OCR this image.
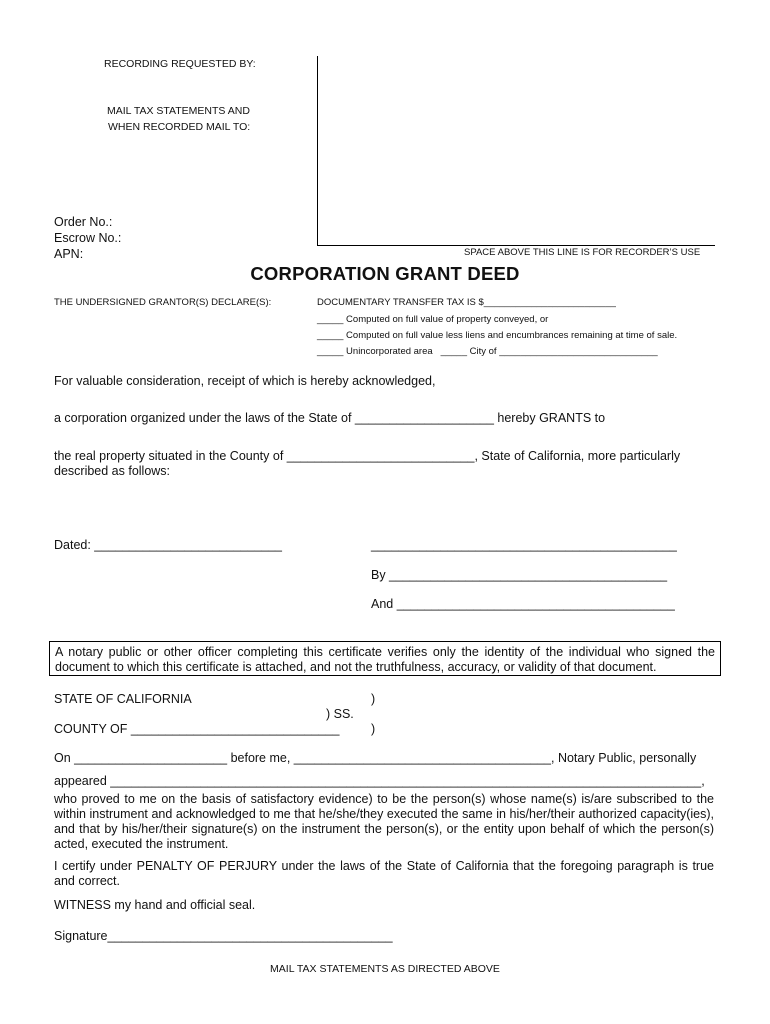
RECORDING REQUESTED BY:
MAIL TAX STATEMENTS AND
WHEN RECORDED MAIL TO:
Order No.:
Escrow No.:
APN:	SPACE ABOVE THIS LINE IS FOR RECORDER’S USE
CORPORATION GRANT DEED
THE UNDERSIGNED GRANTOR(S) DECLARE(S):	DOCUMENTARY TRANSFER TAX IS $_________________________
_____ Computed on full value of property conveyed, or
_____ Computed on full value less liens and encumbrances remaining at time of sale.
_____ Unincorporated area   _____ City of ______________________________
For valuable consideration, receipt of which is hereby acknowledged,
a corporation organized under the laws of the State of ____________________ hereby GRANTS to
the real property situated in the County of ___________________________, State of California, more particularly
described as follows:
Dated: ___________________________	____________________________________________
By ________________________________________
And ________________________________________
A notary public or other officer completing this certificate verifies only the identity of the individual who signed the document to which this certificate is attached, and not the truthfulness, accuracy, or validity of that document.
STATE OF CALIFORNIA	)
) SS.
COUNTY OF ______________________________	)
On ______________________ before me, _____________________________________, Notary Public, personally
appeared _____________________________________________________________________________________,
who proved to me on the basis of satisfactory evidence) to be the person(s) whose name(s) is/are subscribed to the within instrument and acknowledged to me that he/she/they executed the same in his/her/their authorized capacity(ies), and that by his/her/their signature(s) on the instrument the person(s), or the entity upon behalf of which the person(s) acted, executed the instrument.
I certify under PENALTY OF PERJURY under the laws of the State of California that the foregoing paragraph is true and correct.
WITNESS my hand and official seal.
Signature_________________________________________
MAIL TAX STATEMENTS AS DIRECTED ABOVE
